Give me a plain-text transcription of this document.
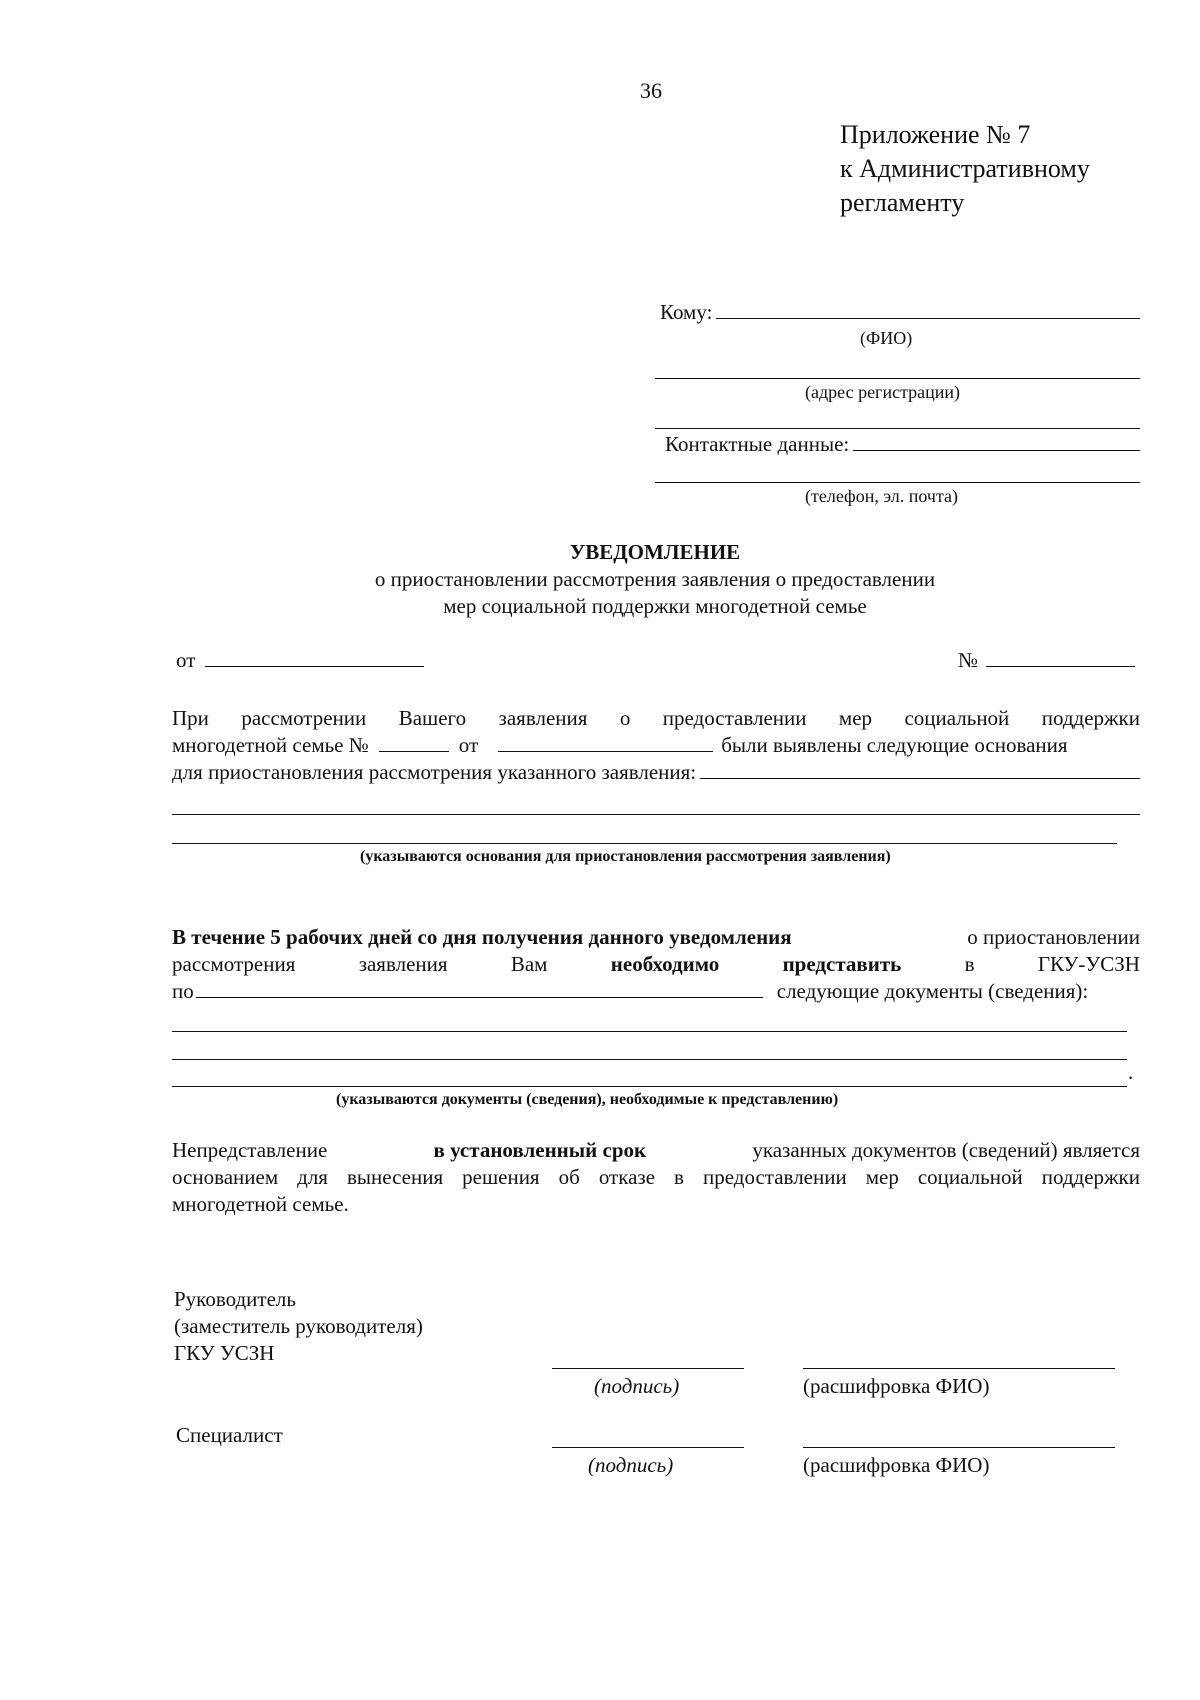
36
Приложение № 7
к Административному
регламенту
Кому:
(ФИО)
(адрес регистрации)
Контактные данные:
(телефон, эл. почта)
УВЕДОМЛЕНИЕ
о приостановлении рассмотрения заявления о предоставлении
мер социальной поддержки многодетной семье
от	№
При рассмотрении Вашего заявления о предоставлении мер социальной поддержки
многодетной семье №	от	были выявлены следующие основания
для приостановления рассмотрения указанного заявления:
(указываются основания для приостановления рассмотрения заявления)
В течение 5 рабочих дней со дня получения данного уведомления	о приостановлении
рассмотрения	заявления	Вам	необходимо	представить	в	ГКУ-УСЗН
по	следующие документы (сведения):
.
(указываются документы (сведения), необходимые к представлению)
Непредставление	в установленный срок	указанных документов (сведений) является
основанием для вынесения решения об отказе в предоставлении мер социальной поддержки
многодетной семье.
Руководитель
(заместитель руководителя)
ГКУ УСЗН
(подпись)	(расшифровка ФИО)
Специалист
(подпись)	(расшифровка ФИО)
